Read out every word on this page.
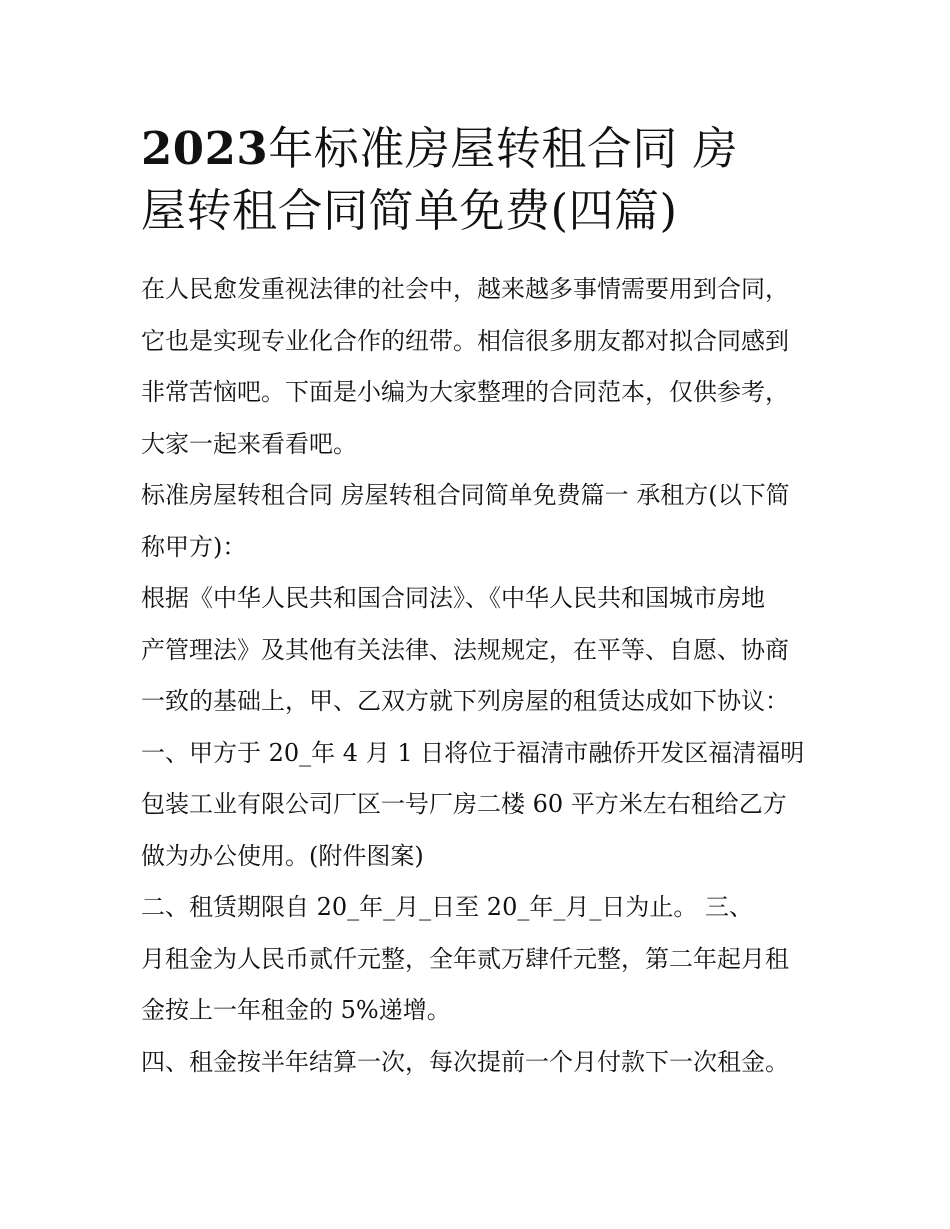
2023年标准房屋转租合同 房
屋转租合同简单免费(四篇)

在人民愈发重视法律的社会中，越来越多事情需要用到合同，
它也是实现专业化合作的纽带。相信很多朋友都对拟合同感到
非常苦恼吧。下面是小编为大家整理的合同范本，仅供参考，
大家一起来看看吧。

标准房屋转租合同 房屋转租合同简单免费篇一 承租方(以下简
称甲方)：

根据《中华人民共和国合同法》、《中华人民共和国城市房地
产管理法》及其他有关法律、法规规定，在平等、自愿、协商
一致的基础上，甲、乙双方就下列房屋的租赁达成如下协议：

一、甲方于 20_年 4 月 1 日将位于福清市融侨开发区福清福明
包装工业有限公司厂区一号厂房二楼 60 平方米左右租给乙方
做为办公使用。(附件图案)

二、租赁期限自 20_年_月_日至 20_年_月_日为止。 三、
月租金为人民币贰仟元整，全年贰万肆仟元整，第二年起月租
金按上一年租金的 5%递增。

四、租金按半年结算一次，每次提前一个月付款下一次租金。
